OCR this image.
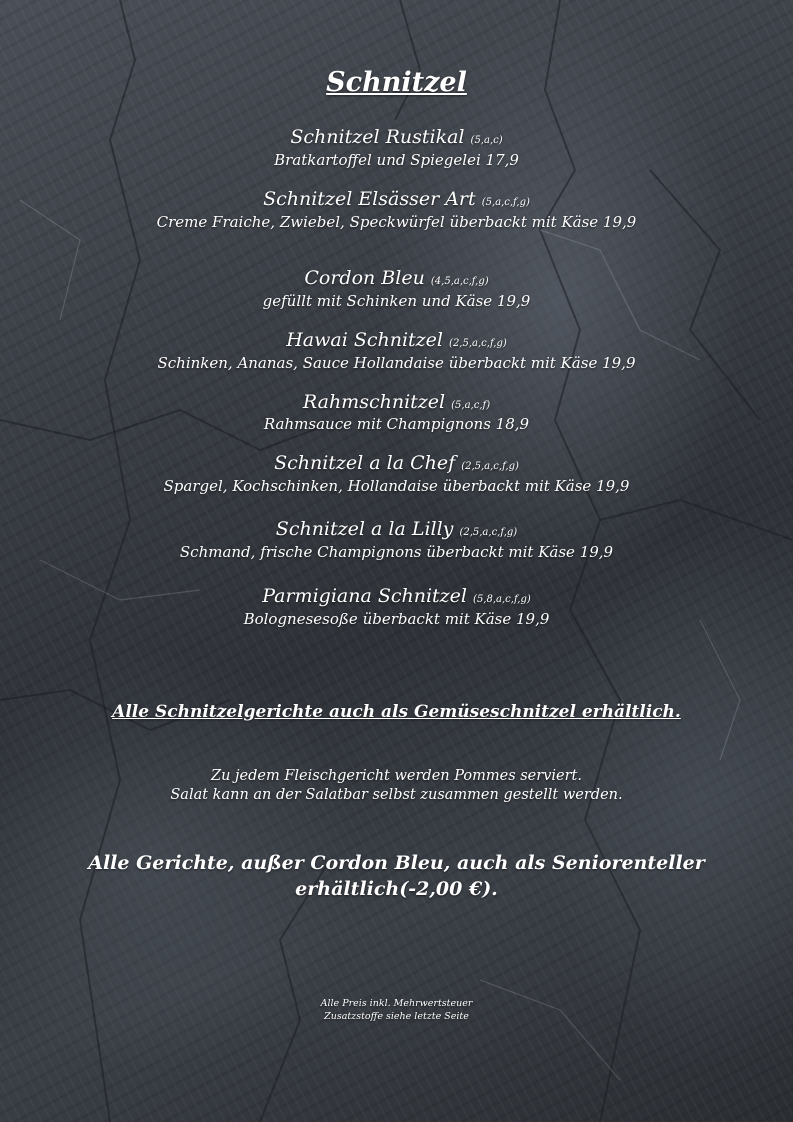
Schnitzel
Schnitzel Rustikal (5,a,c)
Bratkartoffel und Spiegelei 17,9
Schnitzel Elsässer Art (5,a,c,f,g)
Creme Fraiche, Zwiebel, Speckwürfel überbackt mit Käse 19,9
Cordon Bleu (4,5,a,c,f,g)
gefüllt mit Schinken und Käse 19,9
Hawai Schnitzel (2,5,a,c,f,g)
Schinken, Ananas, Sauce Hollandaise überbackt mit Käse 19,9
Rahmschnitzel (5,a,c,f)
Rahmsauce mit Champignons 18,9
Schnitzel a la Chef (2,5,a,c,f,g)
Spargel, Kochschinken, Hollandaise überbackt mit Käse 19,9
Schnitzel a la Lilly (2,5,a,c,f,g)
Schmand, frische Champignons überbackt mit Käse 19,9
Parmigiana Schnitzel (5,8,a,c,f,g)
Bolognesesoße überbackt mit Käse 19,9
Alle Schnitzelgerichte auch als Gemüseschnitzel erhältlich.
Zu jedem Fleischgericht werden Pommes serviert.
Salat kann an der Salatbar selbst zusammen gestellt werden.
Alle Gerichte, außer Cordon Bleu, auch als Seniorenteller
erhältlich(-2,00 €).
Alle Preis inkl. Mehrwertsteuer
Zusatzstoffe siehe letzte Seite
